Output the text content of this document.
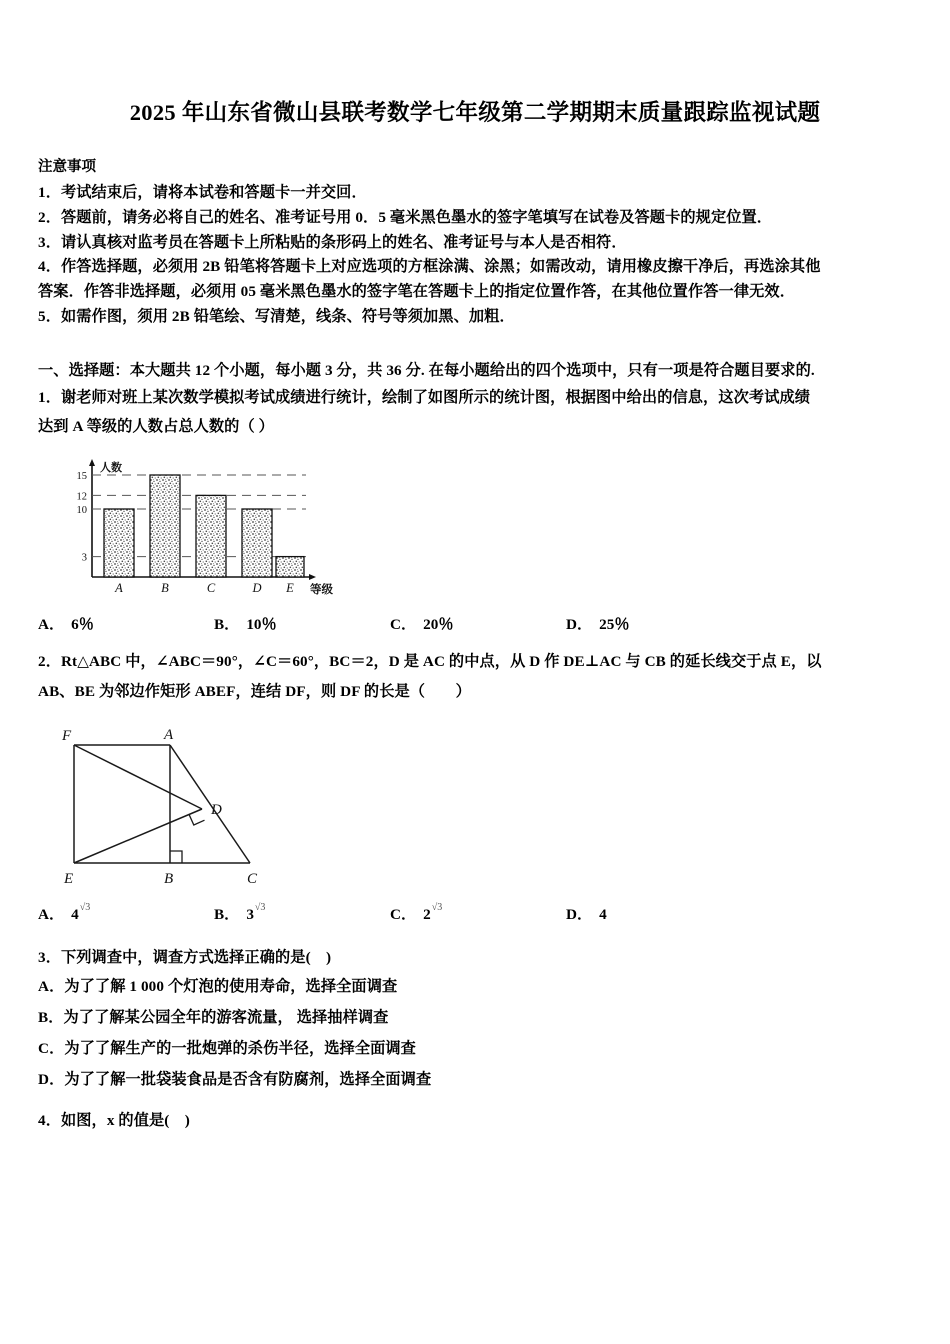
2025 年山东省微山县联考数学七年级第二学期期末质量跟踪监视试题
注意事项
1．考试结束后，请将本试卷和答题卡一并交回．
2．答题前，请务必将自己的姓名、准考证号用 0．5 毫米黑色墨水的签字笔填写在试卷及答题卡的规定位置．
3．请认真核对监考员在答题卡上所粘贴的条形码上的姓名、准考证号与本人是否相符．
4．作答选择题，必须用 2B 铅笔将答题卡上对应选项的方框涂满、涂黑；如需改动，请用橡皮擦干净后，再选涂其他
答案．作答非选择题，必须用 05 毫米黑色墨水的签字笔在答题卡上的指定位置作答，在其他位置作答一律无效．
5．如需作图，须用 2B 铅笔绘、写清楚，线条、符号等须加黑、加粗．
一、选择题：本大题共 12 个小题，每小题 3 分，共 36 分. 在每小题给出的四个选项中，只有一项是符合题目要求的.
1．谢老师对班上某次数学模拟考试成绩进行统计，绘制了如图所示的统计图，根据图中给出的信息，这次考试成绩
达到 A 等级的人数占总人数的（ ）
15
12
10
3
人数
A	B	C	D E 等级
A． 6％	B． 10％	C． 20％	D． 25％
2．Rt△ABC 中，∠ABC＝90°，∠C＝60°，BC＝2，D 是 AC 的中点，从 D 作 DE⊥AC 与 CB 的延长线交于点 E，以
AB、BE 为邻边作矩形 ABEF，连结 DF，则 DF 的长是（　　）
F	A
D
E	B	C
A． 4 √3	B． 3 √3	C． 2 √3	D． 4
3．下列调查中，调查方式选择正确的是(　)
A．为了了解 1 000 个灯泡的使用寿命，选择全面调查
B．为了了解某公园全年的游客流量， 选择抽样调查
C．为了了解生产的一批炮弹的杀伤半径，选择全面调查
D．为了了解一批袋装食品是否含有防腐剂，选择全面调查
4．如图，x 的值是(　)
